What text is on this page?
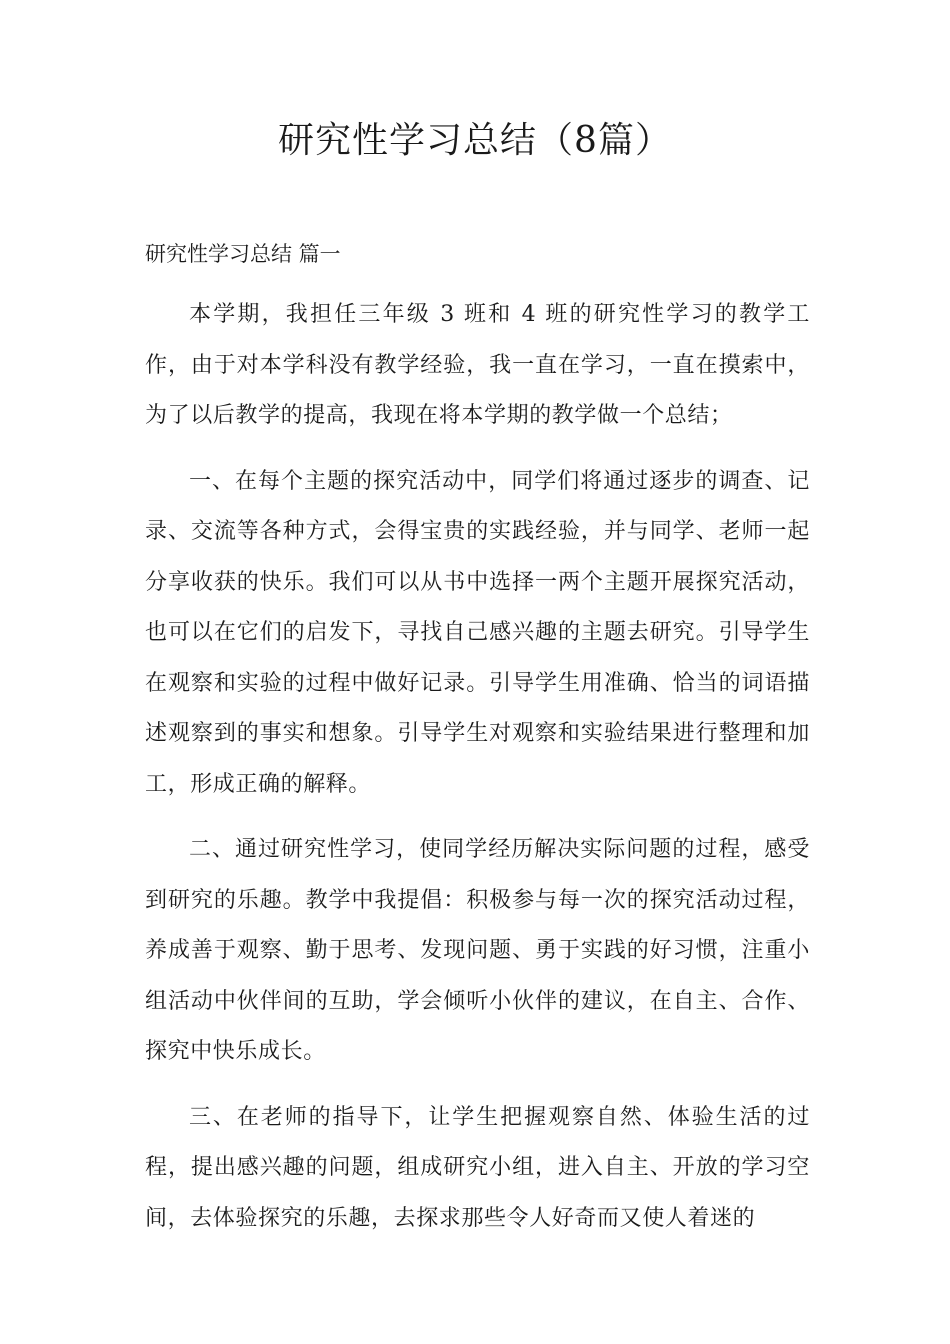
研究性学习总结（8篇）
研究性学习总结 篇一

本学期，我担任三年级 3 班和 4 班的研究性学习的教学工作，由于对本学科没有教学经验，我一直在学习，一直在摸索中，为了以后教学的提高，我现在将本学期的教学做一个总结；

一、在每个主题的探究活动中，同学们将通过逐步的调查、记录、交流等各种方式，会得宝贵的实践经验，并与同学、老师一起分享收获的快乐。我们可以从书中选择一两个主题开展探究活动，也可以在它们的启发下，寻找自己感兴趣的主题去研究。引导学生在观察和实验的过程中做好记录。引导学生用准确、恰当的词语描述观察到的事实和想象。引导学生对观察和实验结果进行整理和加工，形成正确的解释。

二、通过研究性学习，使同学经历解决实际问题的过程，感受到研究的乐趣。教学中我提倡：积极参与每一次的探究活动过程，养成善于观察、勤于思考、发现问题、勇于实践的好习惯，注重小组活动中伙伴间的互助，学会倾听小伙伴的建议，在自主、合作、探究中快乐成长。

三、在老师的指导下，让学生把握观察自然、体验生活的过程，提出感兴趣的问题，组成研究小组，进入自主、开放的学习空间，去体验探究的乐趣，去探求那些令人好奇而又使人着迷的
